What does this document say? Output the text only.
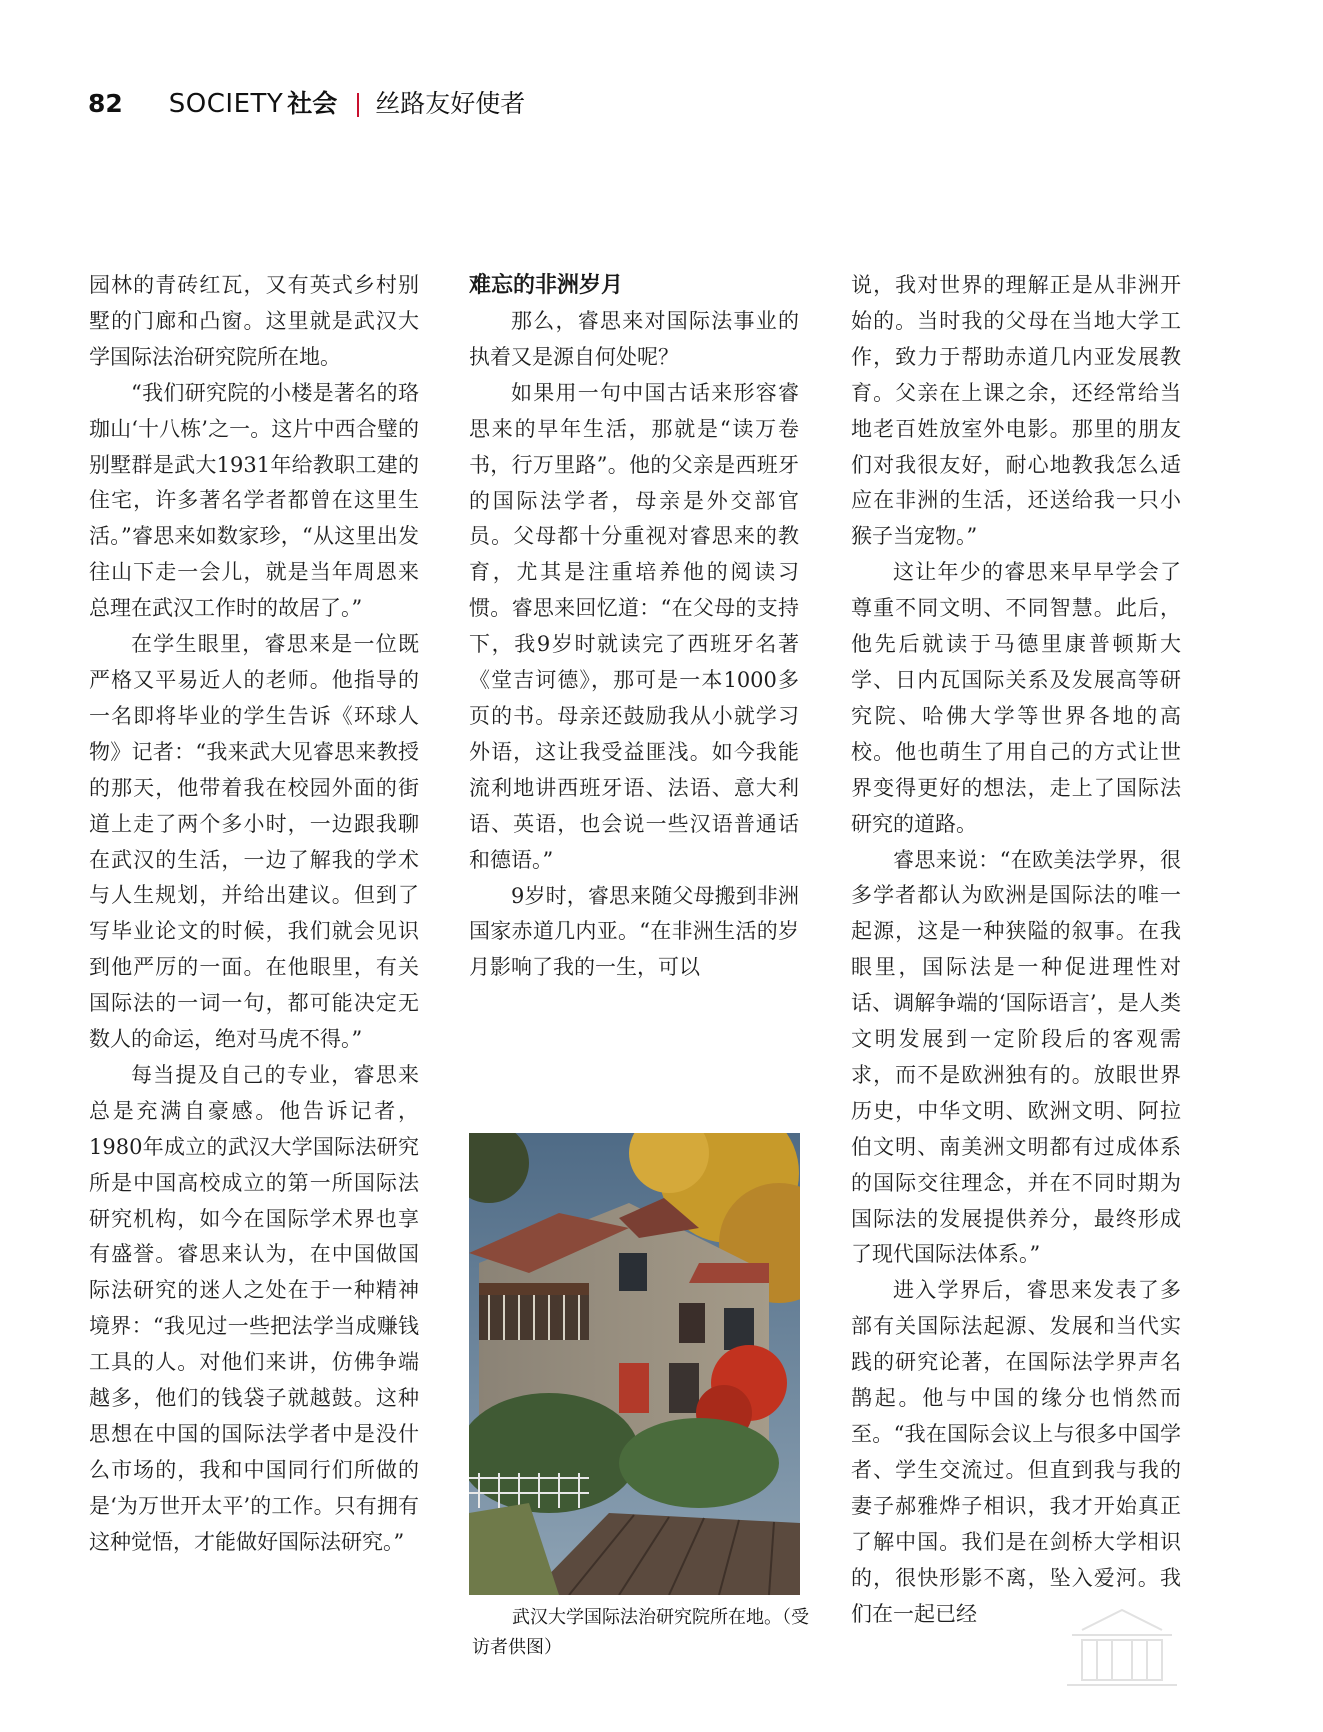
82 SOCIETY 社会 丝路友好使者

园林的青砖红瓦，又有英式乡村别墅的门廊和凸窗。这里就是武汉大学国际法治研究院所在地。

“我们研究院的小楼是著名的珞珈山‘十八栋’之一。这片中西合璧的别墅群是武大1931年给教职工建的住宅，许多著名学者都曾在这里生活。”睿思来如数家珍，“从这里出发往山下走一会儿，就是当年周恩来总理在武汉工作时的故居了。”

在学生眼里，睿思来是一位既严格又平易近人的老师。他指导的一名即将毕业的学生告诉《环球人物》记者：“我来武大见睿思来教授的那天，他带着我在校园外面的街道上走了两个多小时，一边跟我聊在武汉的生活，一边了解我的学术与人生规划，并给出建议。但到了写毕业论文的时候，我们就会见识到他严厉的一面。在他眼里，有关国际法的一词一句，都可能决定无数人的命运，绝对马虎不得。”

每当提及自己的专业，睿思来总是充满自豪感。他告诉记者，1980年成立的武汉大学国际法研究所是中国高校成立的第一所国际法研究机构，如今在国际学术界也享有盛誉。睿思来认为，在中国做国际法研究的迷人之处在于一种精神境界：“我见过一些把法学当成赚钱工具的人。对他们来讲，仿佛争端越多，他们的钱袋子就越鼓。这种思想在中国的国际法学者中是没什么市场的，我和中国同行们所做的是‘为万世开太平’的工作。只有拥有这种觉悟，才能做好国际法研究。”

难忘的非洲岁月

那么，睿思来对国际法事业的执着又是源自何处呢？

如果用一句中国古话来形容睿思来的早年生活，那就是“读万卷书，行万里路”。他的父亲是西班牙的国际法学者，母亲是外交部官员。父母都十分重视对睿思来的教育，尤其是注重培养他的阅读习惯。睿思来回忆道：“在父母的支持下，我9岁时就读完了西班牙名著《堂吉诃德》，那可是一本1000多页的书。母亲还鼓励我从小就学习外语，这让我受益匪浅。如今我能流利地讲西班牙语、法语、意大利语、英语，也会说一些汉语普通话和德语。”

9岁时，睿思来随父母搬到非洲国家赤道几内亚。“在非洲生活的岁月影响了我的一生，可以

武汉大学国际法治研究院所在地。（受访者供图）

说，我对世界的理解正是从非洲开始的。当时我的父母在当地大学工作，致力于帮助赤道几内亚发展教育。父亲在上课之余，还经常给当地老百姓放室外电影。那里的朋友们对我很友好，耐心地教我怎么适应在非洲的生活，还送给我一只小猴子当宠物。”

这让年少的睿思来早早学会了尊重不同文明、不同智慧。此后，他先后就读于马德里康普顿斯大学、日内瓦国际关系及发展高等研究院、哈佛大学等世界各地的高校。他也萌生了用自己的方式让世界变得更好的想法，走上了国际法研究的道路。

睿思来说：“在欧美法学界，很多学者都认为欧洲是国际法的唯一起源，这是一种狭隘的叙事。在我眼里，国际法是一种促进理性对话、调解争端的‘国际语言’，是人类文明发展到一定阶段后的客观需求，而不是欧洲独有的。放眼世界历史，中华文明、欧洲文明、阿拉伯文明、南美洲文明都有过成体系的国际交往理念，并在不同时期为国际法的发展提供养分，最终形成了现代国际法体系。”

进入学界后，睿思来发表了多部有关国际法起源、发展和当代实践的研究论著，在国际法学界声名鹊起。他与中国的缘分也悄然而至。“我在国际会议上与很多中国学者、学生交流过。但直到我与我的妻子郝雅烨子相识，我才开始真正了解中国。我们是在剑桥大学相识的，很快形影不离，坠入爱河。我们在一起已经
